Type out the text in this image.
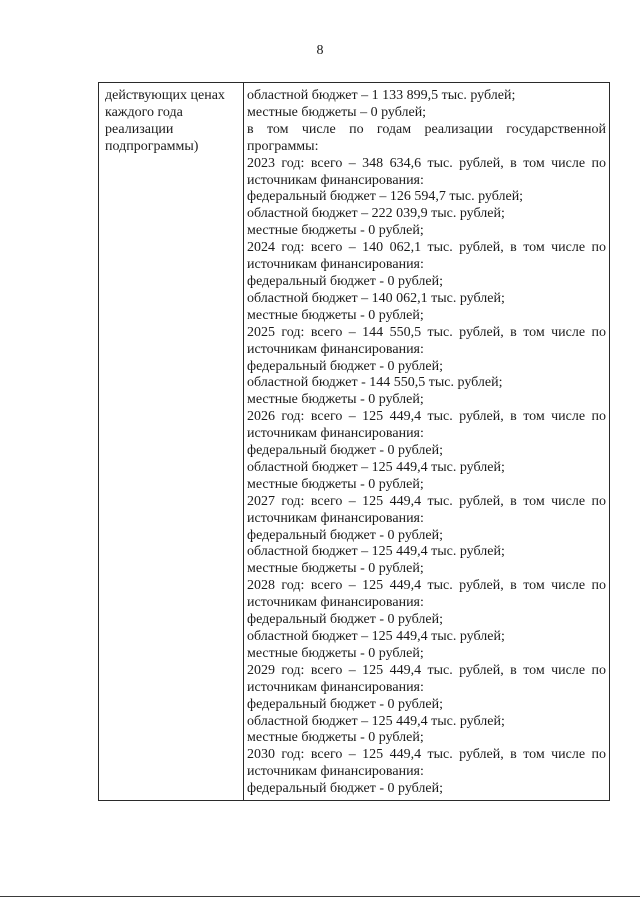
8
действующих ценах
каждого года
реализации
подпрограммы)
областной бюджет – 1 133 899,5 тыс. рублей;
местные бюджеты – 0 рублей;
в том числе по годам реализации государственной
программы:
2023 год: всего – 348 634,6 тыс. рублей, в том числе по
источникам финансирования:
федеральный бюджет – 126 594,7 тыс. рублей;
областной бюджет – 222 039,9 тыс. рублей;
местные бюджеты - 0 рублей;
2024 год: всего – 140 062,1 тыс. рублей, в том числе по
источникам финансирования:
федеральный бюджет - 0 рублей;
областной бюджет – 140 062,1 тыс. рублей;
местные бюджеты - 0 рублей;
2025 год: всего – 144 550,5 тыс. рублей, в том числе по
источникам финансирования:
федеральный бюджет - 0 рублей;
областной бюджет - 144 550,5 тыс. рублей;
местные бюджеты - 0 рублей;
2026 год: всего – 125 449,4 тыс. рублей, в том числе по
источникам финансирования:
федеральный бюджет - 0 рублей;
областной бюджет – 125 449,4 тыс. рублей;
местные бюджеты - 0 рублей;
2027 год: всего – 125 449,4 тыс. рублей, в том числе по
источникам финансирования:
федеральный бюджет - 0 рублей;
областной бюджет – 125 449,4 тыс. рублей;
местные бюджеты - 0 рублей;
2028 год: всего – 125 449,4 тыс. рублей, в том числе по
источникам финансирования:
федеральный бюджет - 0 рублей;
областной бюджет – 125 449,4 тыс. рублей;
местные бюджеты - 0 рублей;
2029 год: всего – 125 449,4 тыс. рублей, в том числе по
источникам финансирования:
федеральный бюджет - 0 рублей;
областной бюджет – 125 449,4 тыс. рублей;
местные бюджеты - 0 рублей;
2030 год: всего – 125 449,4 тыс. рублей, в том числе по
источникам финансирования:
федеральный бюджет - 0 рублей;
